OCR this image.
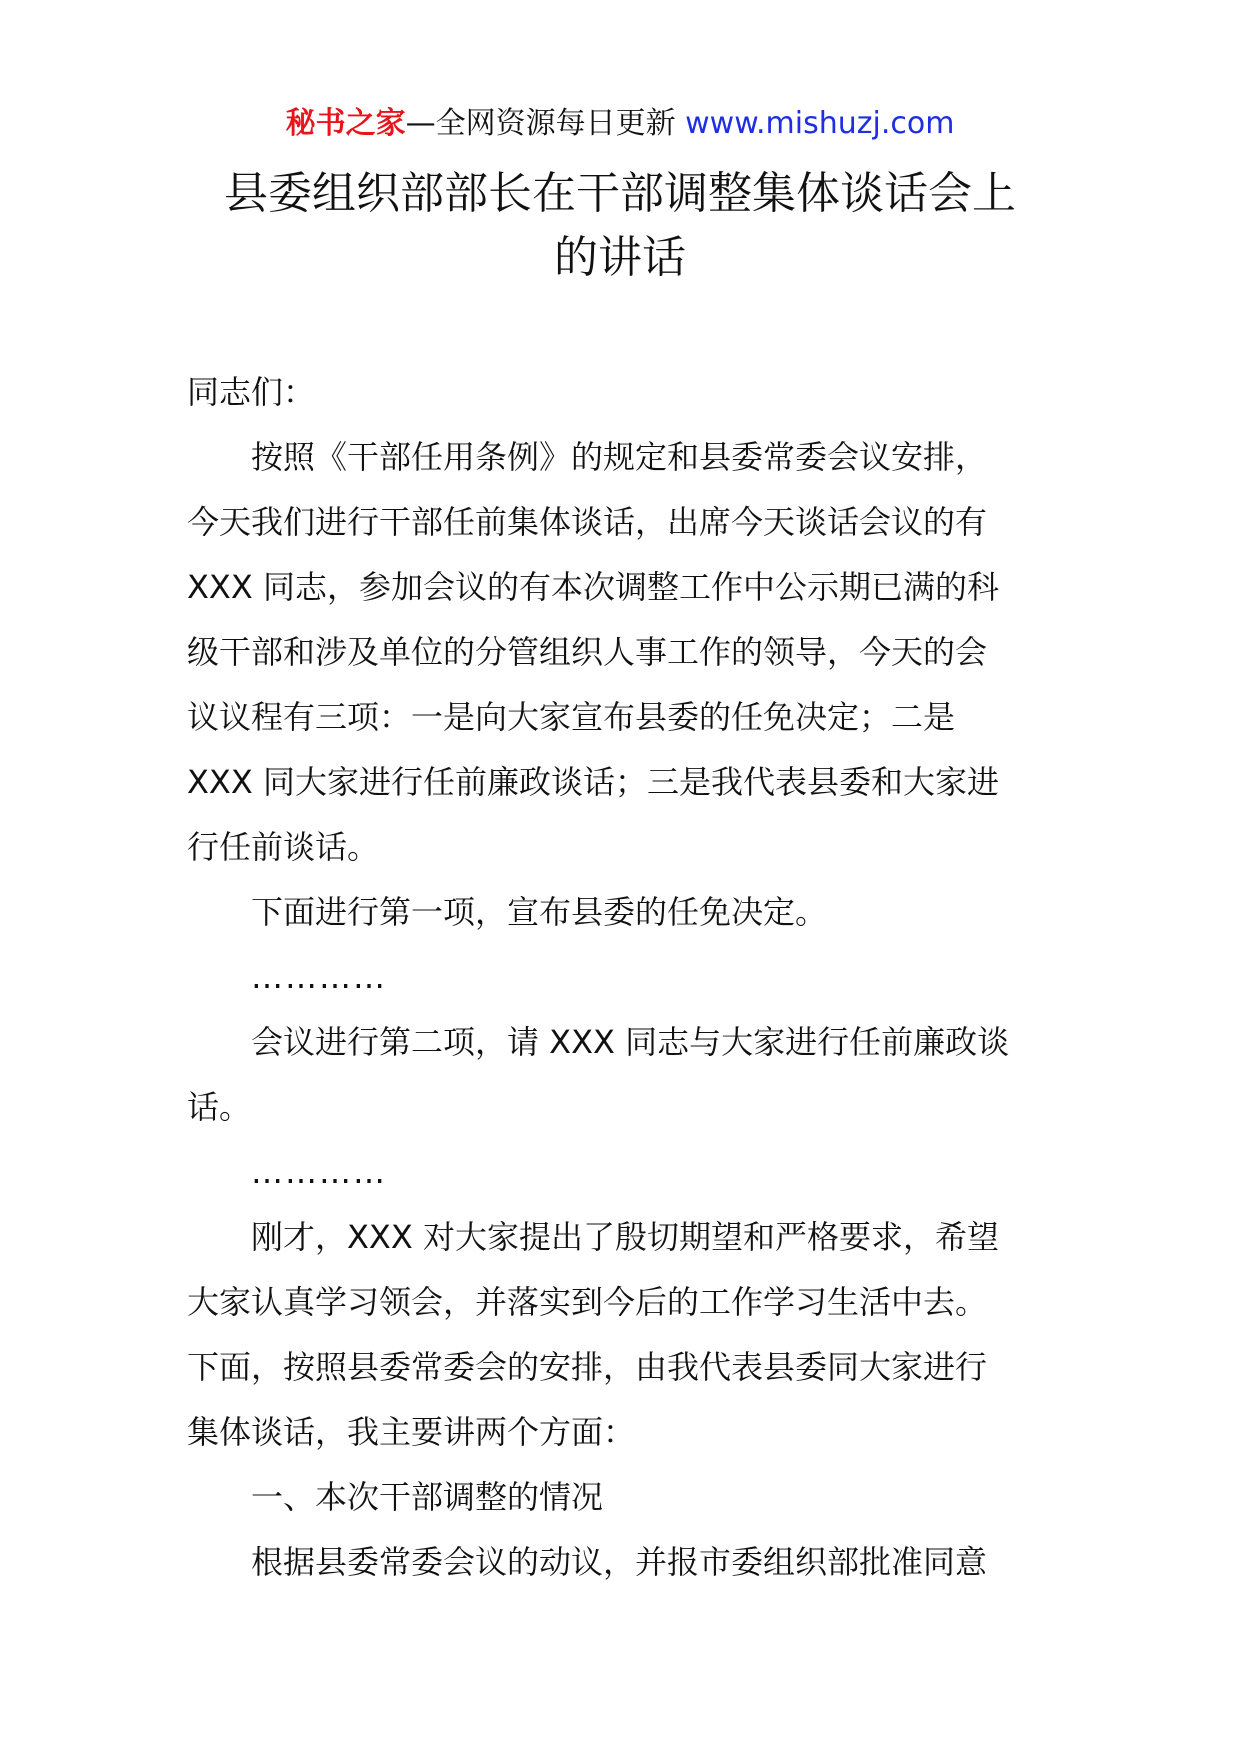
秘书之家—全网资源每日更新 www.mishuzj.com
县委组织部部长在干部调整集体谈话会上
的讲话

同志们：

按照《干部任用条例》的规定和县委常委会议安排，

今天我们进行干部任前集体谈话，出席今天谈话会议的有

XXX 同志，参加会议的有本次调整工作中公示期已满的科

级干部和涉及单位的分管组织人事工作的领导，今天的会

议议程有三项：一是向大家宣布县委的任免决定；二是

XXX 同大家进行任前廉政谈话；三是我代表县委和大家进

行任前谈话。

下面进行第一项，宣布县委的任免决定。

…………

会议进行第二项，请 XXX 同志与大家进行任前廉政谈

话。

…………

刚才，XXX 对大家提出了殷切期望和严格要求，希望

大家认真学习领会，并落实到今后的工作学习生活中去。

下面，按照县委常委会的安排，由我代表县委同大家进行

集体谈话，我主要讲两个方面：

一、本次干部调整的情况

根据县委常委会议的动议，并报市委组织部批准同意
